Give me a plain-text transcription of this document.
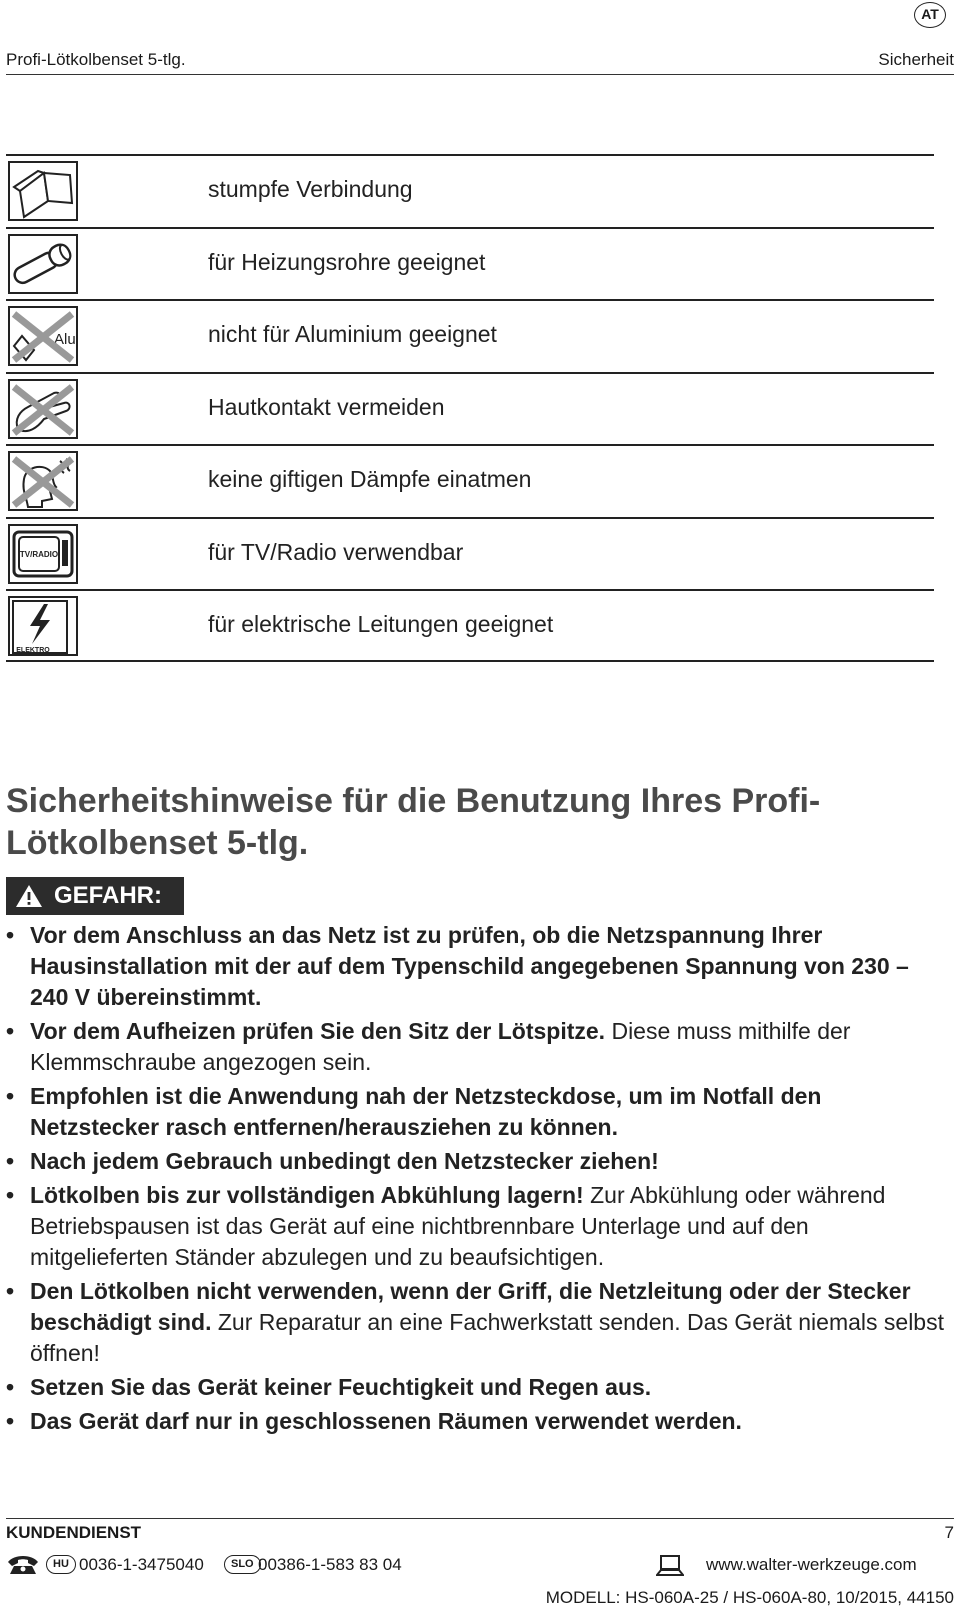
AT
Profi-Lötkolbenset 5-tlg.	Sicherheit
stumpfe Verbindung
für Heizungsrohre geeignet
Alu	nicht für Aluminium geeignet
Hautkontakt vermeiden
keine giftigen Dämpfe einatmen
TV/RADIO	für TV/Radio verwendbar
ELEKTRO
für elektrische Leitungen geeignet
Sicherheitshinweise für die Benutzung Ihres Profi-Lötkolbenset 5-tlg.
GEFAHR:
• Vor dem Anschluss an das Netz ist zu prüfen, ob die Netzspannung Ihrer Hausinstallation mit der auf dem Typenschild angegebenen Spannung von 230 – 240 V übereinstimmt.
• Vor dem Aufheizen prüfen Sie den Sitz der Lötspitze. Diese muss mithilfe der Klemmschraube angezogen sein.
• Empfohlen ist die Anwendung nah der Netzsteckdose, um im Notfall den Netzstecker rasch entfernen/herausziehen zu können.
• Nach jedem Gebrauch unbedingt den Netzstecker ziehen!
• Lötkolben bis zur vollständigen Abkühlung lagern! Zur Abkühlung oder während Betriebspausen ist das Gerät auf eine nichtbrennbare Unterlage und auf den mitgelieferten Ständer abzulegen und zu beaufsichtigen.
• Den Lötkolben nicht verwenden, wenn der Griff, die Netzleitung oder der Stecker beschädigt sind. Zur Reparatur an eine Fachwerkstatt senden. Das Gerät niemals selbst öffnen!
• Setzen Sie das Gerät keiner Feuchtigkeit und Regen aus.
• Das Gerät darf nur in geschlossenen Räumen verwendet werden.
KUNDENDIENST	7
HU 0036-1-3475040	SLO 00386-1-583 83 04	www.walter-werkzeuge.com
MODELL: HS-060A-25 / HS-060A-80, 10/2015, 44150
